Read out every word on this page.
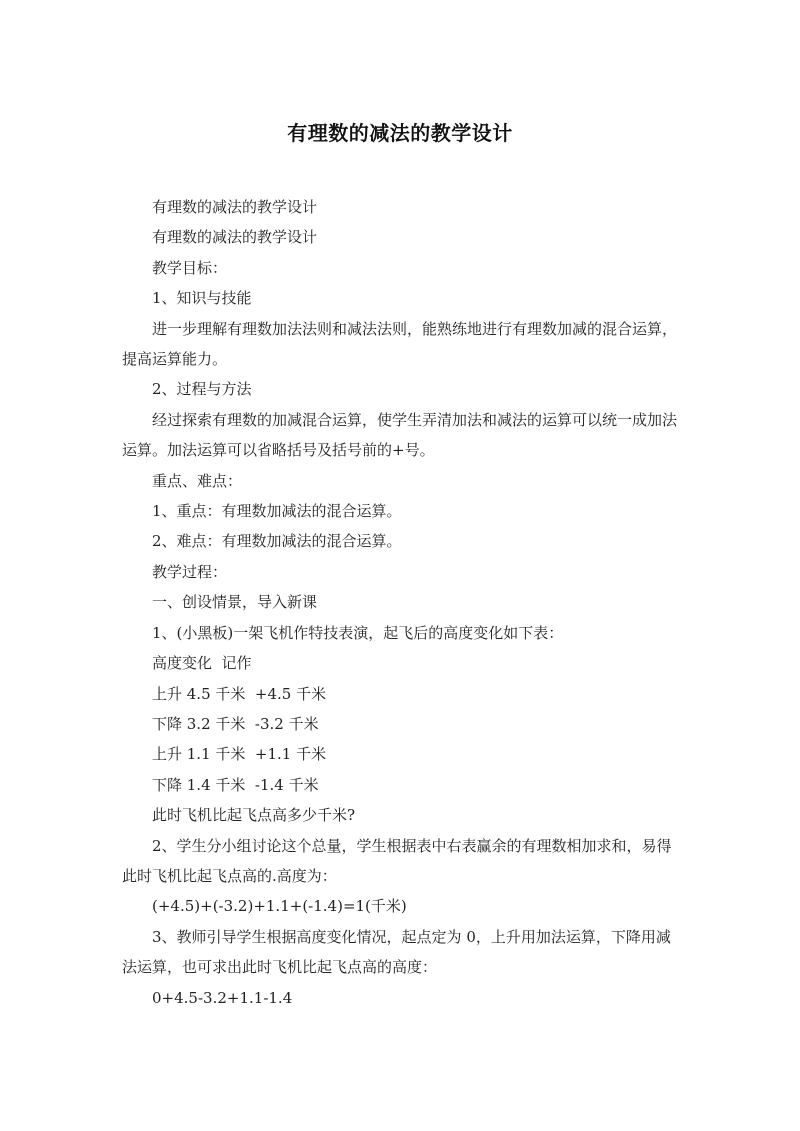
有理数的减法的教学设计

有理数的减法的教学设计

有理数的减法的教学设计

教学目标：

1、知识与技能

进一步理解有理数加法法则和减法法则，能熟练地进行有理数加减的混合运算，提高运算能力。

2、过程与方法

经过探索有理数的加减混合运算，使学生弄清加法和减法的运算可以统一成加法运算。加法运算可以省略括号及括号前的+号。

重点、难点：

1、重点：有理数加减法的混合运算。

2、难点：有理数加减法的混合运算。

教学过程：

一、创设情景，导入新课

1、(小黑板)一架飞机作特技表演，起飞后的高度变化如下表：

高度变化  记作

上升 4.5 千米  +4.5 千米

下降 3.2 千米  -3.2 千米

上升 1.1 千米  +1.1 千米

下降 1.4 千米  -1.4 千米

此时飞机比起飞点高多少千米?

2、学生分小组讨论这个总量，学生根据表中右表赢余的有理数相加求和，易得此时飞机比起飞点高的.高度为：

(+4.5)+(-3.2)+1.1+(-1.4)=1(千米)

3、教师引导学生根据高度变化情况，起点定为 0，上升用加法运算，下降用减法运算，也可求出此时飞机比起飞点高的高度：

0+4.5-3.2+1.1-1.4
